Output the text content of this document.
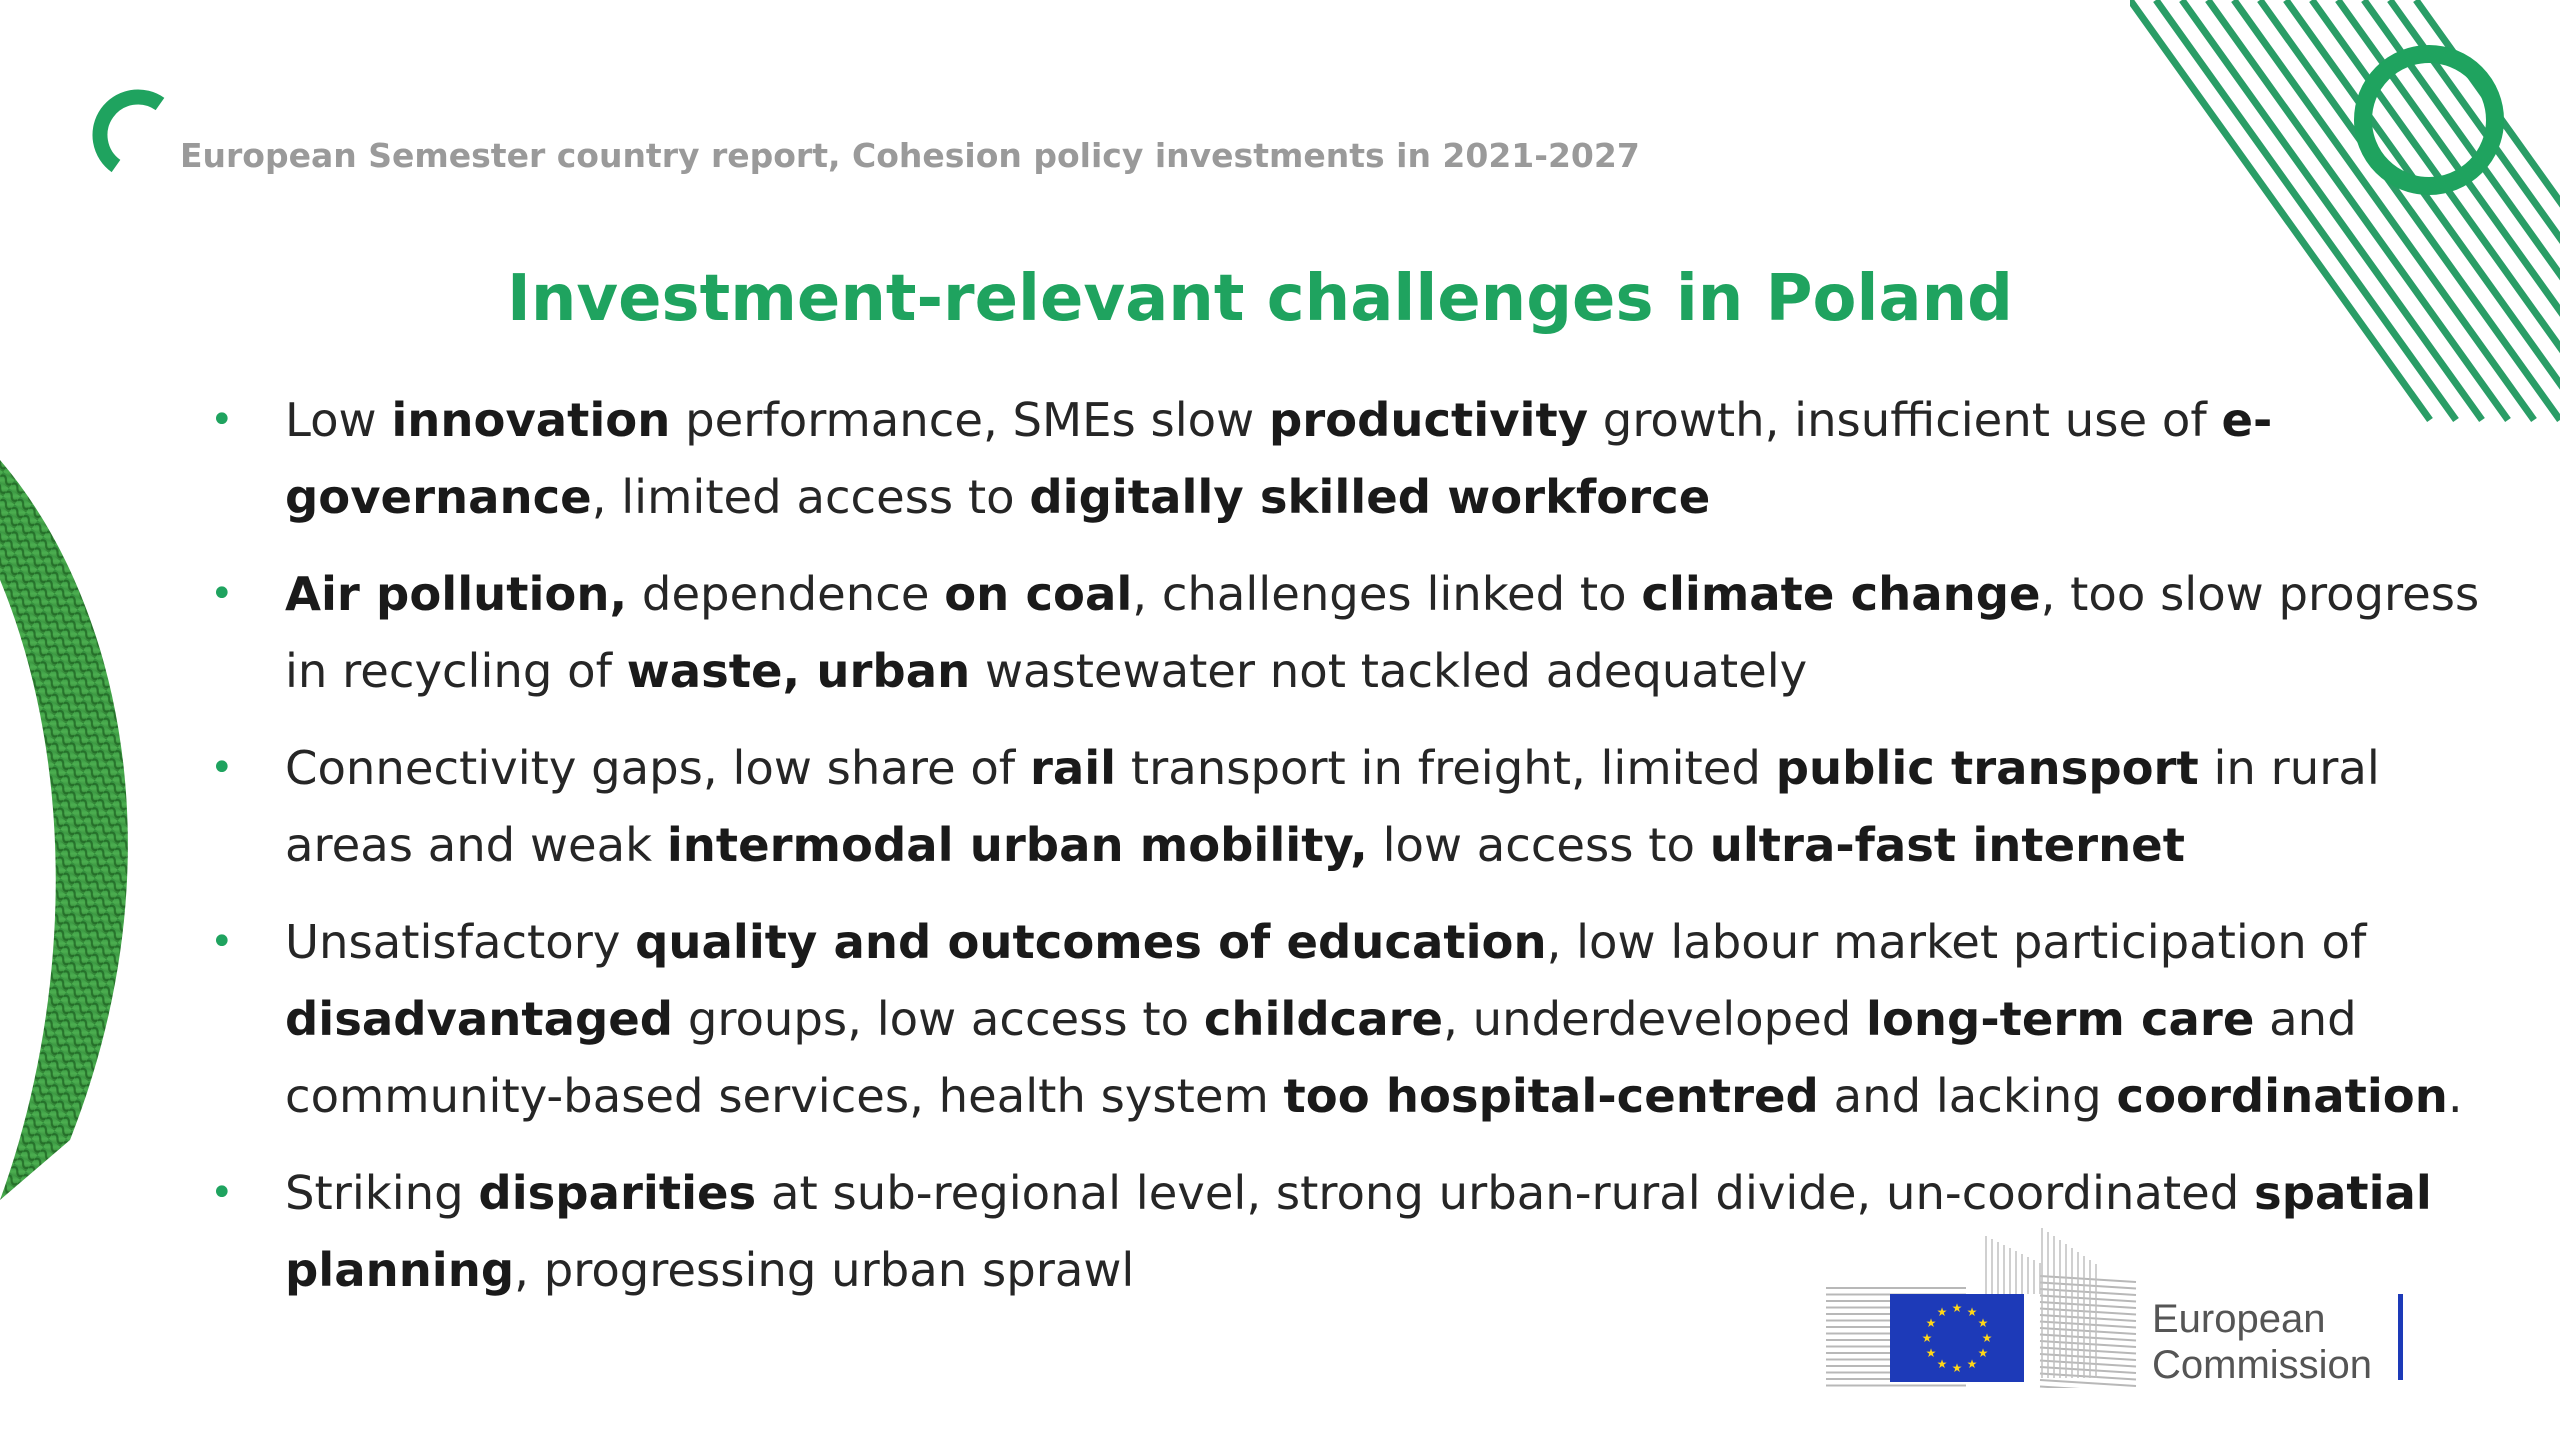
European Semester country report, Cohesion policy investments in 2021-2027
Investment-relevant challenges in Poland
• Low innovation performance, SMEs slow productivity growth, insufficient use of e-governance, limited access to digitally skilled workforce
• Air pollution, dependence on coal, challenges linked to climate change, too slow progress in recycling of waste, urban wastewater not tackled adequately
• Connectivity gaps, low share of rail transport in freight, limited public transport in rural areas and weak intermodal urban mobility, low access to ultra-fast internet
• Unsatisfactory quality and outcomes of education, low labour market participation of disadvantaged groups, low access to childcare, underdeveloped long-term care and community-based services, health system too hospital-centred and lacking coordination.
• Striking disparities at sub-regional level, strong urban-rural divide, un-coordinated spatial planning, progressing urban sprawl
★
★
★
★
★
★
★
★
★ ★ ★
★	European
Commission
